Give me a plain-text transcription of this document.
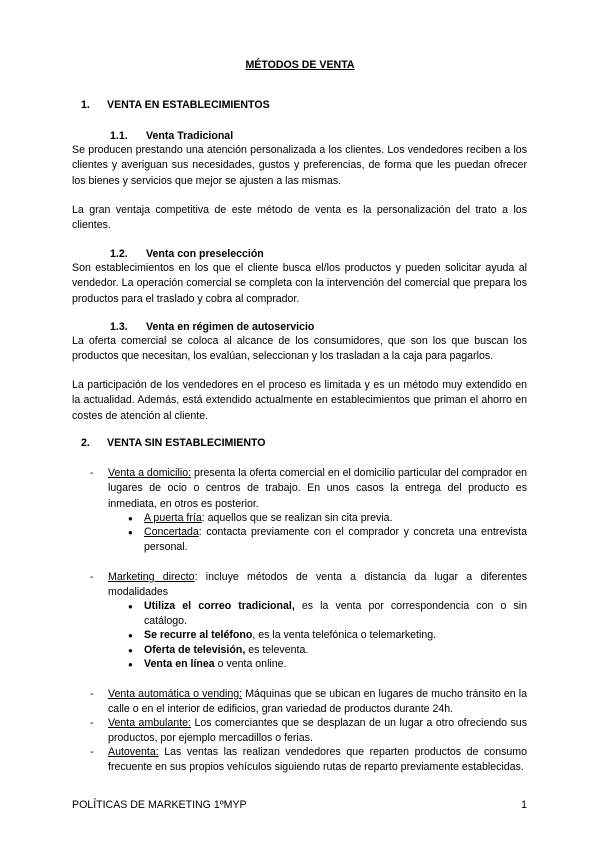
MÉTODOS DE VENTA
1. VENTA EN ESTABLECIMIENTOS
1.1. Venta Tradicional
Se producen prestando una atención personalizada a los clientes. Los vendedores reciben a los clientes y averiguan sus necesidades, gustos y preferencias, de forma que les puedan ofrecer los bienes y servicios que mejor se ajusten a las mismas.
La gran ventaja competitiva de este método de venta es la personalización del trato a los clientes.
1.2. Venta con preselección
Son establecimientos en los que el cliente busca el/los productos y pueden solicitar ayuda al vendedor. La operación comercial se completa con la intervención del comercial que prepara los productos para el traslado y cobra al comprador.
1.3. Venta en régimen de autoservicio
La oferta comercial se coloca al alcance de los consumidores, que son los que buscan los productos que necesitan, los evalúan, seleccionan y los trasladan a la caja para pagarlos.
La participación de los vendedores en el proceso es limitada y es un método muy extendido en la actualidad. Además, está extendido actualmente en establecimientos que priman el ahorro en costes de atención al cliente.
2. VENTA SIN ESTABLECIMIENTO
- Venta a domicilio: presenta la oferta comercial en el domicilio particular del comprador en lugares de ocio o centros de trabajo. En unos casos la entrega del producto es inmediata, en otros es posterior.
● A puerta fría: aquellos que se realizan sin cita previa.
● Concertada: contacta previamente con el comprador y concreta una entrevista personal.
- Marketing directo: incluye métodos de venta a distancia da lugar a diferentes modalidades
● Utiliza el correo tradicional, es la venta por correspondencia con o sin catálogo.
● Se recurre al teléfono, es la venta telefónica o telemarketing.
● Oferta de televisión, es televenta.
● Venta en línea o venta online.
- Venta automática o vending: Máquinas que se ubican en lugares de mucho tránsito en la calle o en el interior de edificios, gran variedad de productos durante 24h.
- Venta ambulante: Los comerciantes que se desplazan de un lugar a otro ofreciendo sus productos, por ejemplo mercadillos o ferias.
- Autoventa: Las ventas las realizan vendedores que reparten productos de consumo frecuente en sus propios vehículos siguiendo rutas de reparto previamente establecidas.
POLÍTICAS DE MARKETING 1ºMYP	1
